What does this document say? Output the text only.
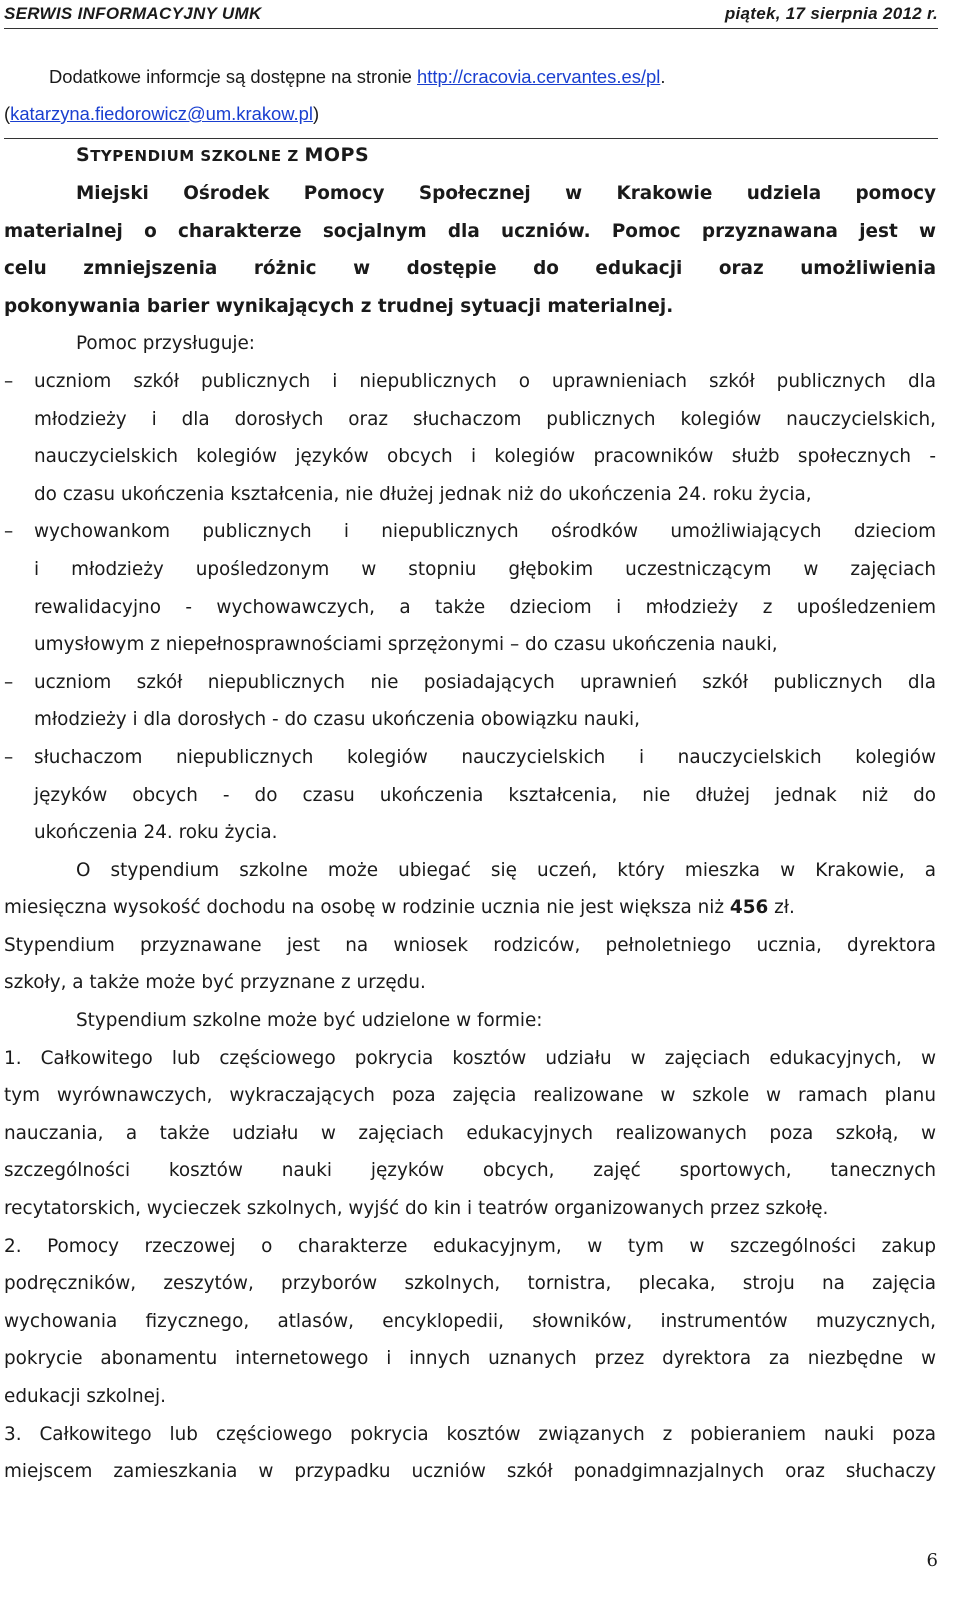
SERWIS INFORMACYJNY UMK	piątek, 17 sierpnia 2012 r.
Dodatkowe informcje są dostępne na stronie http://cracovia.cervantes.es/pl.
(katarzyna.fiedorowicz@um.krakow.pl)
STYPENDIUM SZKOLNE Z MOPS
Miejski Ośrodek Pomocy Społecznej w Krakowie udziela pomocy
materialnej o charakterze socjalnym dla uczniów. Pomoc przyznawana jest w
celu zmniejszenia różnic w dostępie do edukacji oraz umożliwienia
pokonywania barier wynikających z trudnej sytuacji materialnej.
Pomoc przysługuje:
– uczniom szkół publicznych i niepublicznych o uprawnieniach szkół publicznych dla
młodzieży i dla dorosłych oraz słuchaczom publicznych kolegiów nauczycielskich,
nauczycielskich kolegiów języków obcych i kolegiów pracowników służb społecznych -
do czasu ukończenia kształcenia, nie dłużej jednak niż do ukończenia 24. roku życia,
– wychowankom publicznych i niepublicznych ośrodków umożliwiających dzieciom
i młodzieży upośledzonym w stopniu głębokim uczestniczącym w zajęciach
rewalidacyjno - wychowawczych, a także dzieciom i młodzieży z upośledzeniem
umysłowym z niepełnosprawnościami sprzężonymi – do czasu ukończenia nauki,
– uczniom szkół niepublicznych nie posiadających uprawnień szkół publicznych dla
młodzieży i dla dorosłych - do czasu ukończenia obowiązku nauki,
– słuchaczom niepublicznych kolegiów nauczycielskich i nauczycielskich kolegiów
języków obcych - do czasu ukończenia kształcenia, nie dłużej jednak niż do
ukończenia 24. roku życia.
O stypendium szkolne może ubiegać się uczeń, który mieszka w Krakowie, a
miesięczna wysokość dochodu na osobę w rodzinie ucznia nie jest większa niż 456 zł.
Stypendium przyznawane jest na wniosek rodziców, pełnoletniego ucznia, dyrektora
szkoły, a także może być przyznane z urzędu.
Stypendium szkolne może być udzielone w formie:
1. Całkowitego lub częściowego pokrycia kosztów udziału w zajęciach edukacyjnych, w
tym wyrównawczych, wykraczających poza zajęcia realizowane w szkole w ramach planu
nauczania, a także udziału w zajęciach edukacyjnych realizowanych poza szkołą, w
szczególności kosztów nauki języków obcych, zajęć sportowych, tanecznych
recytatorskich, wycieczek szkolnych, wyjść do kin i teatrów organizowanych przez szkołę.
2. Pomocy rzeczowej o charakterze edukacyjnym, w tym w szczególności zakup
podręczników, zeszytów, przyborów szkolnych, tornistra, plecaka, stroju na zajęcia
wychowania fizycznego, atlasów, encyklopedii, słowników, instrumentów muzycznych,
pokrycie abonamentu internetowego i innych uznanych przez dyrektora za niezbędne w
edukacji szkolnej.
3. Całkowitego lub częściowego pokrycia kosztów związanych z pobieraniem nauki poza
miejscem zamieszkania w przypadku uczniów szkół ponadgimnazjalnych oraz słuchaczy
6
